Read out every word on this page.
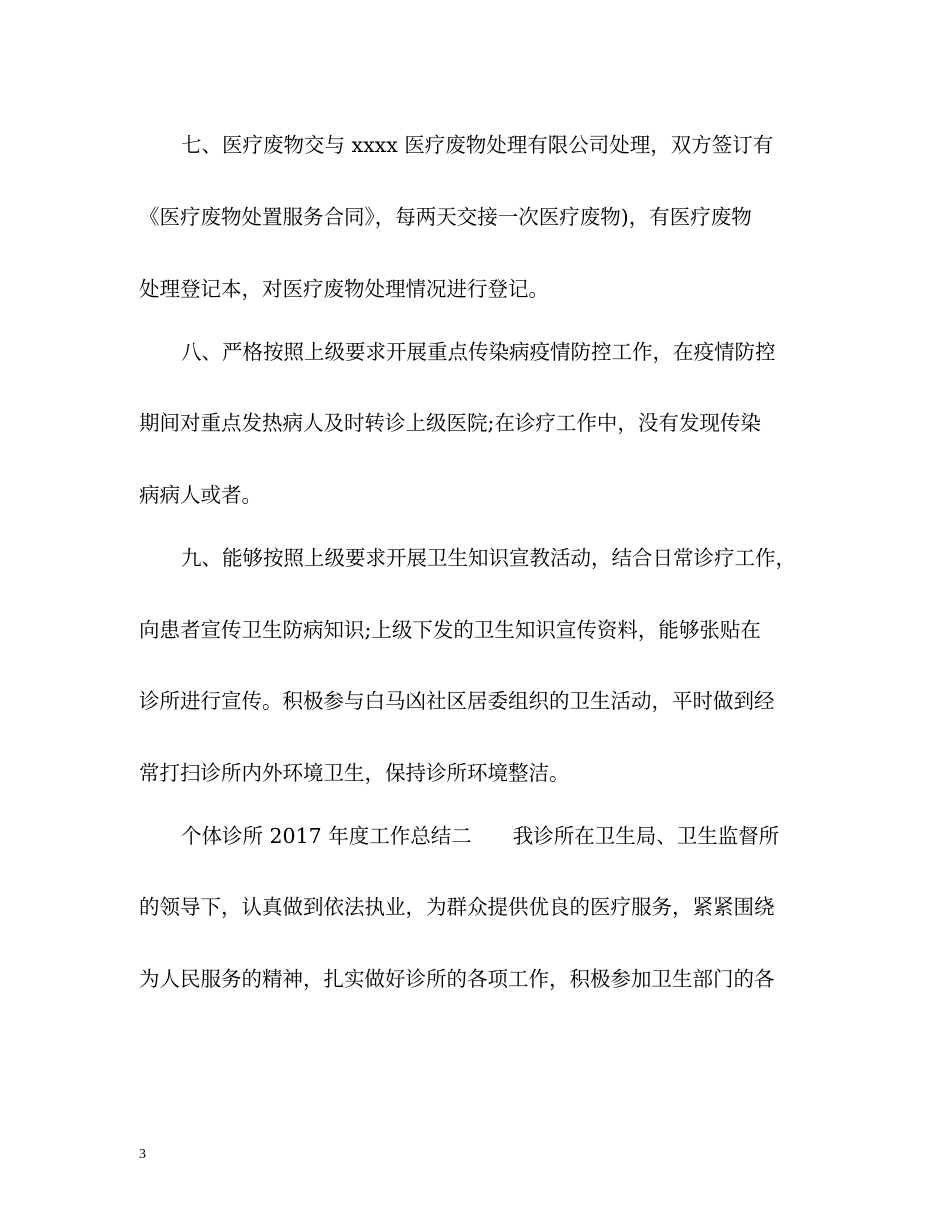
七、医疗废物交与 xxxx 医疗废物处理有限公司处理，双方签订有
《医疗废物处置服务合同》，每两天交接一次医疗废物)，有医疗废物
处理登记本，对医疗废物处理情况进行登记。
八、严格按照上级要求开展重点传染病疫情防控工作，在疫情防控
期间对重点发热病人及时转诊上级医院;在诊疗工作中，没有发现传染
病病人或者。
九、能够按照上级要求开展卫生知识宣教活动，结合日常诊疗工作，
向患者宣传卫生防病知识;上级下发的卫生知识宣传资料，能够张贴在
诊所进行宣传。积极参与白马凶社区居委组织的卫生活动，平时做到经
常打扫诊所内外环境卫生，保持诊所环境整洁。
个体诊所 2017 年度工作总结二　　我诊所在卫生局、卫生监督所
的领导下，认真做到依法执业，为群众提供优良的医疗服务，紧紧围绕
为人民服务的精神，扎实做好诊所的各项工作，积极参加卫生部门的各
3
